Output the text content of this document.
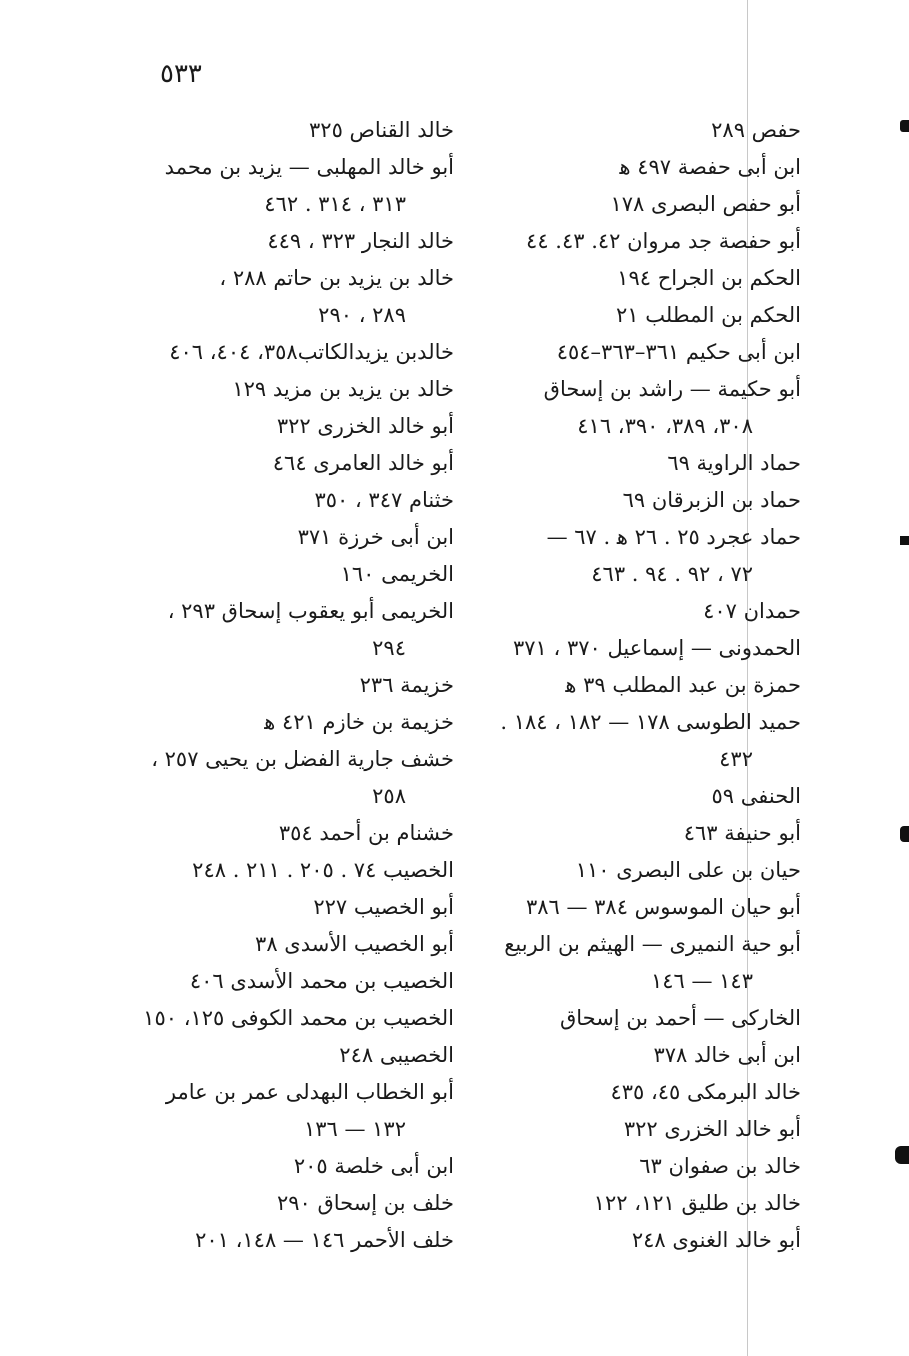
٥٣٣
حفص ٢٨٩
ابن أبى حفصة ٤٩٧ ﻫ
أبو حفص البصرى ١٧٨
أبو حفصة جد مروان ٤٢. ٤٣. ٤٤
الحكم بن الجراح ١٩٤
الحكم بن المطلب ٢١
ابن أبى حكيم ٣٦١–٣٦٣–٤٥٤
أبو حكيمة — راشد بن إسحاق
٣٠٨، ٣٨٩، ٣٩٠، ٤١٦
حماد الراوية ٦٩
حماد بن الزبرقان ٦٩
حماد عجرد ٢٥ . ٢٦ ﻫ . ٦٧ —
٧٢ ، ٩٢ . ٩٤ . ٤٦٣
حمدان ٤٠٧
الحمدونى — إسماعيل ٣٧٠ ، ٣٧١
حمزة بن عبد المطلب ٣٩ ﻫ
حميد الطوسى ١٧٨ — ١٨٢ ، ١٨٤ .
٤٣٢
الحنفى ٥٩
أبو حنيفة ٤٦٣
حيان بن على البصرى ١١٠
أبو حيان الموسوس ٣٨٤ — ٣٨٦
أبو حية النميرى — الهيثم بن الربيع
١٤٣ — ١٤٦
الخاركى — أحمد بن إسحاق
ابن أبى خالد ٣٧٨
خالد البرمكى ٤٥، ٤٣٥
أبو خالد الخزرى ٣٢٢
خالد بن صفوان ٦٣
خالد بن طليق ١٢١، ١٢٢
أبو خالد الغنوى ٢٤٨
خالد القناص ٣٢٥
أبو خالد المهلبى — يزيد بن محمد
٣١٣ ، ٣١٤ . ٤٦٢
خالد النجار ٣٢٣ ، ٤٤٩
خالد بن يزيد بن حاتم ٢٨٨ ،
٢٨٩ ، ٢٩٠
خالدبن يزيدالكاتب٣٥٨، ٤٠٤، ٤٠٦
خالد بن يزيد بن مزيد ١٢٩
أبو خالد الخزرى ٣٢٢
أبو خالد العامرى ٤٦٤
خثنام ٣٤٧ ، ٣٥٠
ابن أبى خرزة ٣٧١
الخريمى ١٦٠
الخريمى أبو يعقوب إسحاق ٢٩٣ ،
٢٩٤
خزيمة ٢٣٦
خزيمة بن خازم ٤٢١ ﻫ
خشف جارية الفضل بن يحيى ٢٥٧ ،
٢٥٨
خشنام بن أحمد ٣٥٤
الخصيب ٧٤ . ٢٠٥ . ٢١١ . ٢٤٨
أبو الخصيب ٢٢٧
أبو الخصيب الأسدى ٣٨
الخصيب بن محمد الأسدى ٤٠٦
الخصيب بن محمد الكوفى ١٢٥، ١٥٠
الخصيبى ٢٤٨
أبو الخطاب البهدلى عمر بن عامر
١٣٢ — ١٣٦
ابن أبى خلصة ٢٠٥
خلف بن إسحاق ٢٩٠
خلف الأحمر ١٤٦ — ١٤٨، ٢٠١
